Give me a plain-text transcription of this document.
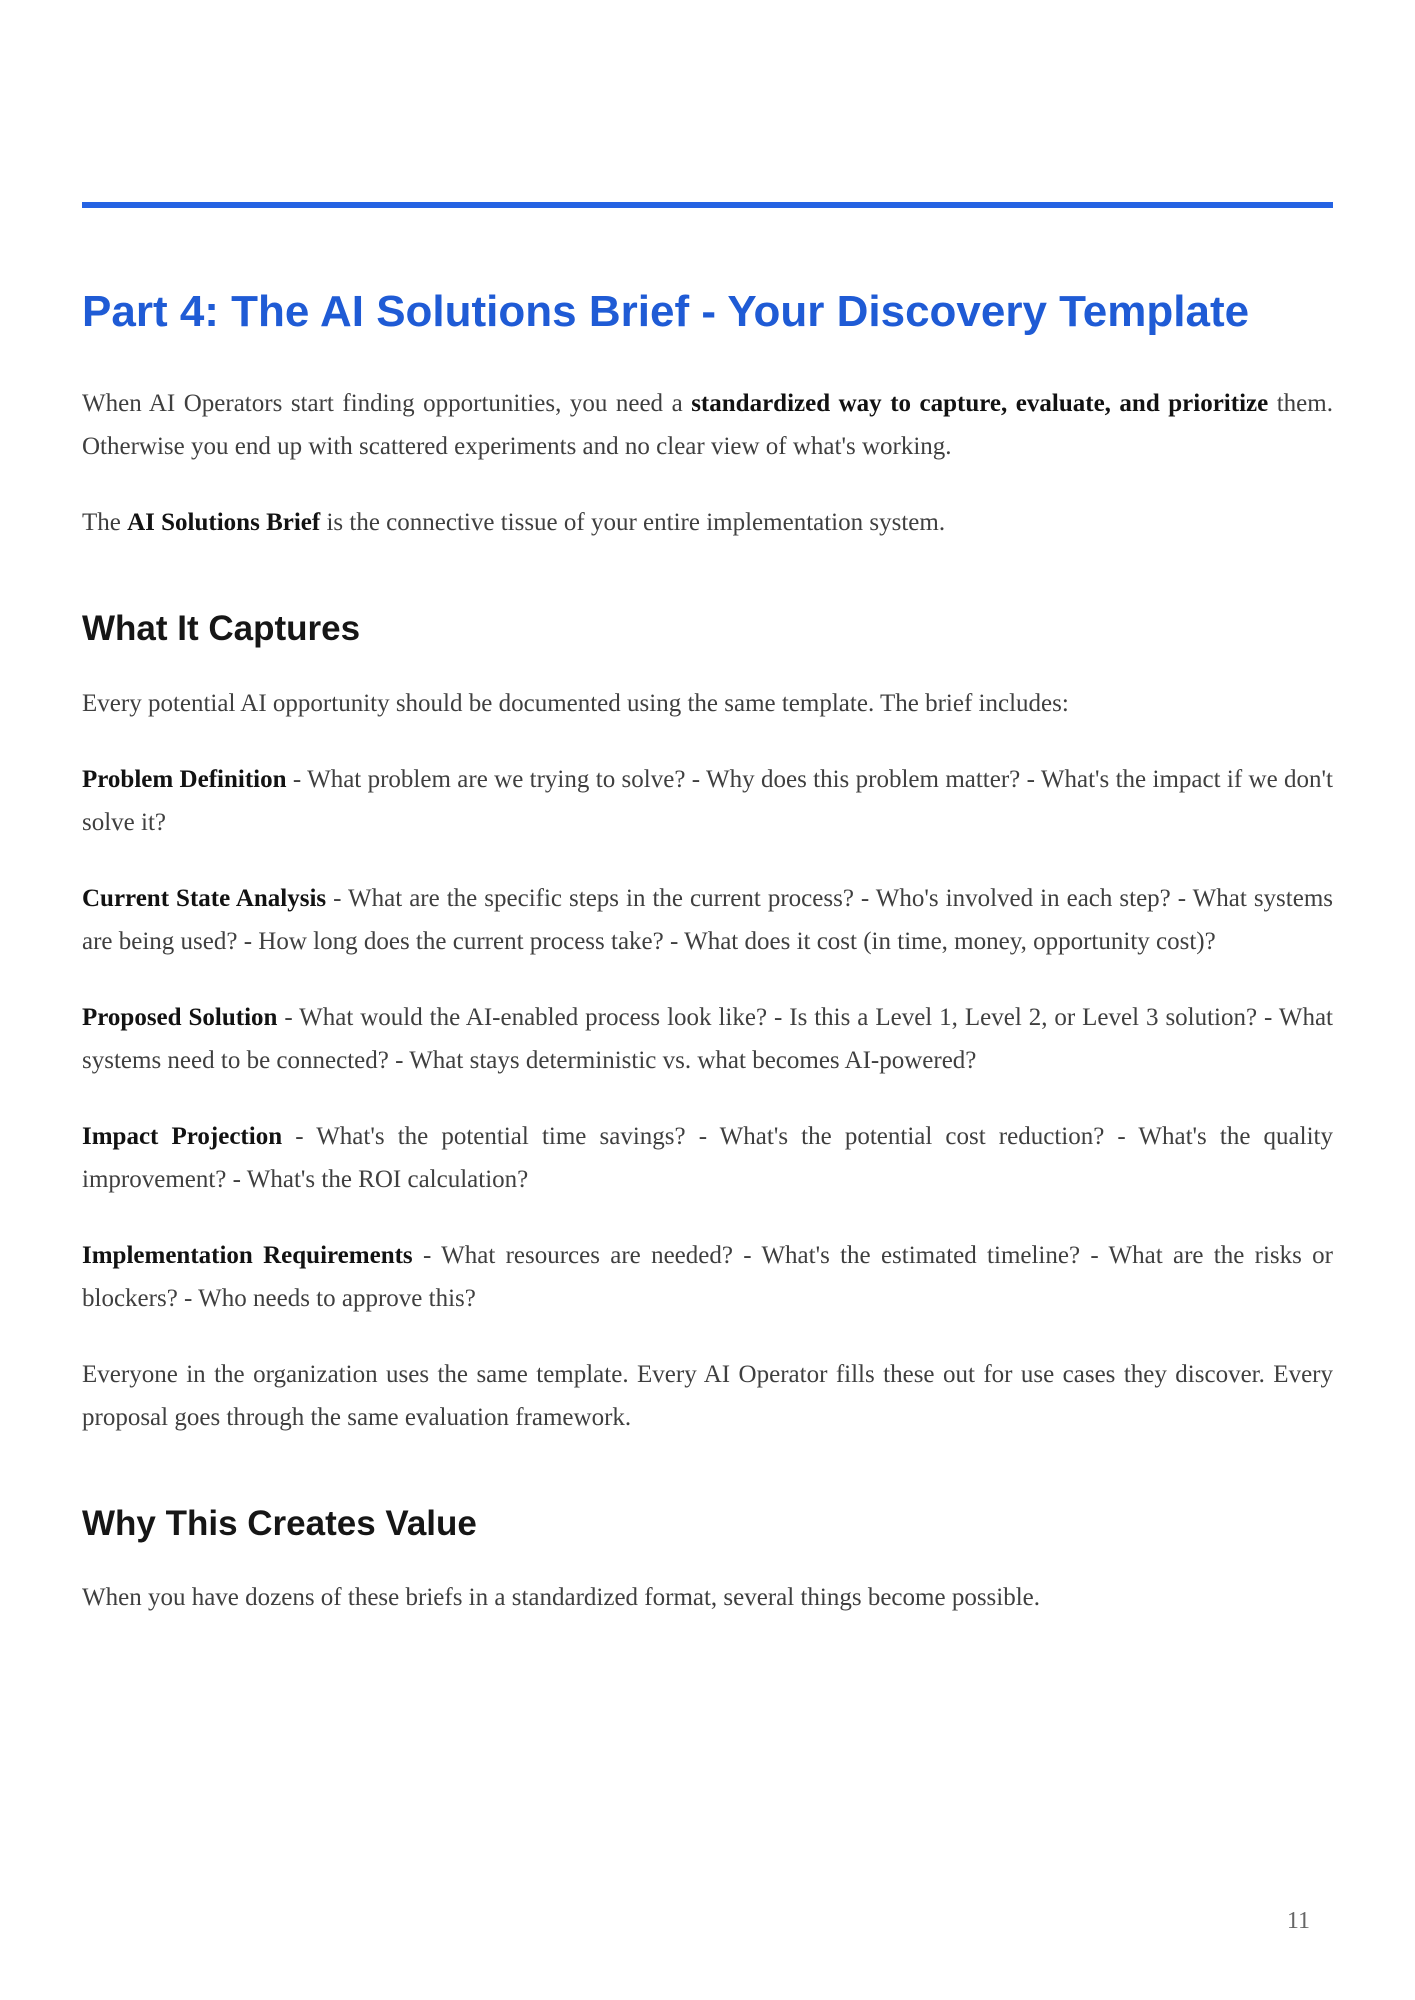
Part 4: The AI Solutions Brief - Your Discovery Template

When AI Operators start finding opportunities, you need a standardized way to capture, evaluate, and prioritize them. Otherwise you end up with scattered experiments and no clear view of what's working.

The AI Solutions Brief is the connective tissue of your entire implementation system.

What It Captures

Every potential AI opportunity should be documented using the same template. The brief includes:

Problem Definition - What problem are we trying to solve? - Why does this problem matter? - What's the impact if we don't solve it?

Current State Analysis - What are the specific steps in the current process? - Who's involved in each step? - What systems are being used? - How long does the current process take? - What does it cost (in time, money, opportunity cost)?

Proposed Solution - What would the AI-enabled process look like? - Is this a Level 1, Level 2, or Level 3 solution? - What systems need to be connected? - What stays deterministic vs. what becomes AI-powered?

Impact Projection - What's the potential time savings? - What's the potential cost reduction? - What's the quality improvement? - What's the ROI calculation?

Implementation Requirements - What resources are needed? - What's the estimated timeline? - What are the risks or blockers? - Who needs to approve this?

Everyone in the organization uses the same template. Every AI Operator fills these out for use cases they discover. Every proposal goes through the same evaluation framework.

Why This Creates Value

When you have dozens of these briefs in a standardized format, several things become possible.

11
